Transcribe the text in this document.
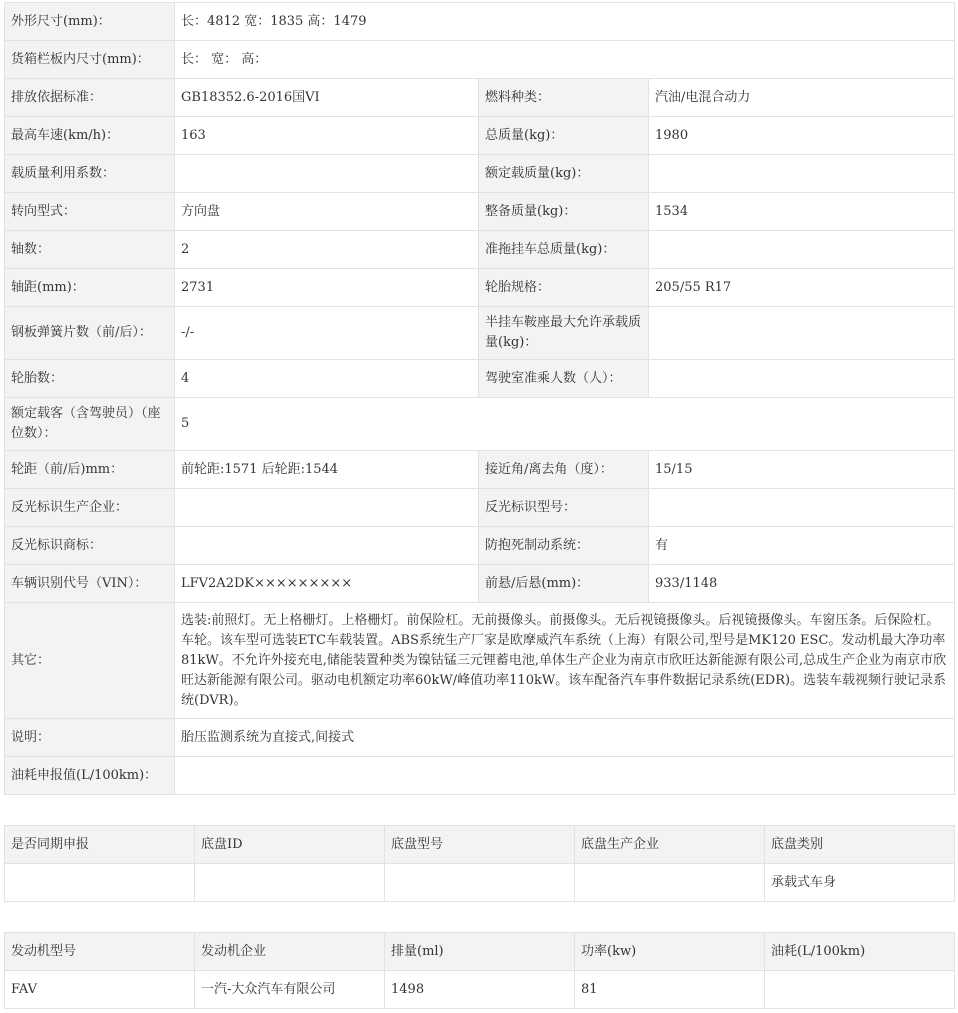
外形尺寸(mm)：	长：4812 宽：1835 高：1479		
货箱栏板内尺寸(mm)：	长： 宽： 高：		
排放依据标准：	GB18352.6-2016国VI	燃料种类：	汽油/电混合动力
最高车速(km/h)：	163	总质量(kg)：	1980
载质量利用系数：		额定载质量(kg)：	
转向型式：	方向盘	整备质量(kg)：	1534
轴数：	2	准拖挂车总质量(kg)：	
轴距(mm)：	2731	轮胎规格：	205/55 R17
钢板弹簧片数（前/后）：	-/-	半挂车鞍座最大允许承载质量(kg)：	
轮胎数：	4	驾驶室准乘人数（人）：	
额定载客（含驾驶员）（座位数）：	5		
轮距（前/后)mm：	前轮距:1571 后轮距:1544	接近角/离去角（度）：	15/15
反光标识生产企业：		反光标识型号：	
反光标识商标：		防抱死制动系统：	有
车辆识别代号（VIN）：	LFV2A2DK×××××××××	前悬/后悬(mm)：	933/1148
其它：	选装:前照灯。无上格栅灯。上格栅灯。前保险杠。无前摄像头。前摄像头。无后视镜摄像头。后视镜摄像头。车窗压条。后保险杠。车轮。该车型可选装ETC车载装置。ABS系统生产厂家是欧摩威汽车系统（上海）有限公司,型号是MK120 ESC。发动机最大净功率81kW。不允许外接充电,储能装置种类为镍钴锰三元锂蓄电池,单体生产企业为南京市欣旺达新能源有限公司,总成生产企业为南京市欣旺达新能源有限公司。驱动电机额定功率60kW/峰值功率110kW。该车配备汽车事件数据记录系统(EDR)。选装车载视频行驶记录系统(DVR)。		
说明：	胎压监测系统为直接式,间接式		
油耗申报值(L/100km)：			
是否同期申报	底盘ID	底盘型号	底盘生产企业	底盘类别
				承载式车身
发动机型号	发动机企业	排量(ml)	功率(kw)	油耗(L/100km)
FAV	一汽-大众汽车有限公司	1498	81	
